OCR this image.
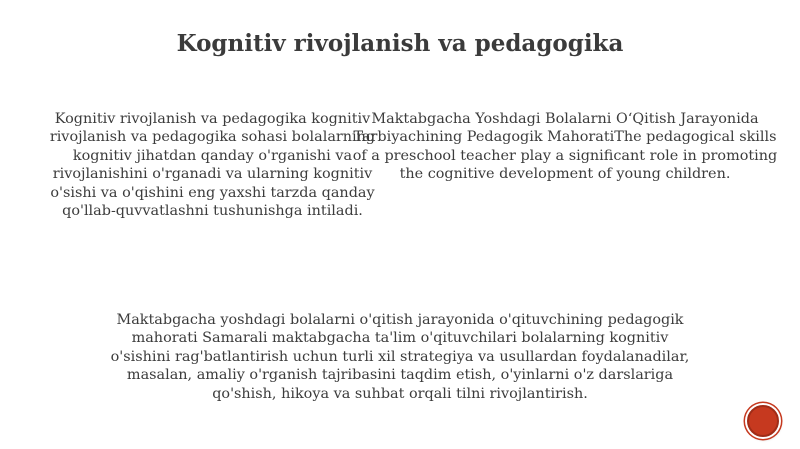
Kognitiv rivojlanish va pedagogika

Kognitiv rivojlanish va pedagogika kognitiv rivojlanish va pedagogika sohasi bolalarning kognitiv jihatdan qanday o'rganishi va rivojlanishini o'rganadi va ularning kognitiv o'sishi va o'qishini eng yaxshi tarzda qanday qo'llab-quvvatlashni tushunishga intiladi.

Maktabgacha Yoshdagi Bolalarni O‘Qitish Jarayonida Tarbiyachining Pedagogik MahoratiThe pedagogical skills of a preschool teacher play a significant role in promoting the cognitive development of young children.

Maktabgacha yoshdagi bolalarni o'qitish jarayonida o'qituvchining pedagogik mahorati Samarali maktabgacha ta'lim o'qituvchilari bolalarning kognitiv o'sishini rag'batlantirish uchun turli xil strategiya va usullardan foydalanadilar, masalan, amaliy o'rganish tajribasini taqdim etish, o'yinlarni o'z darslariga qo'shish, hikoya va suhbat orqali tilni rivojlantirish.
